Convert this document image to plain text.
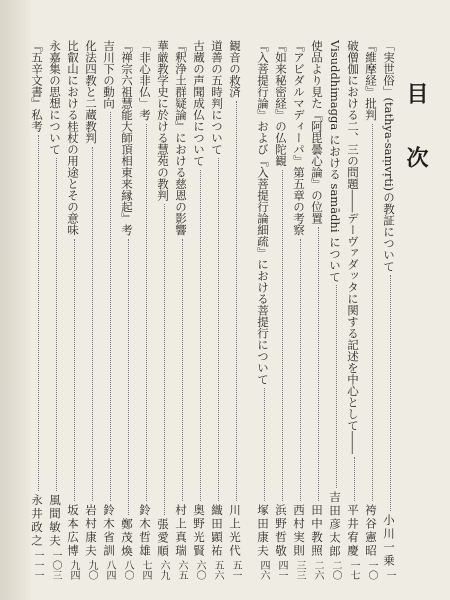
目　次
「実世俗」(tathya-saṃvṛti)の教証について
小川一乗
一
『維摩経』批判
袴谷憲昭
一〇
破僧伽における二、三の問題――デーヴァダッタに関する記述を中心として――
平井宥慶
一七
Visuddhimagga における samādhi について
吉田彦太郎
二〇
使品より見た『阿毘曇心論』の位置
田中教照
二六
『アビダルマディーパ』第五章の考察
西村実則
三三
『如来秘密経』の仏陀観
浜野哲敬
四一
『入菩提行論』および『入菩提行論細疏』における菩提行について
塚田康夫
四六
観音の救済
川上光代
五一
道善の五時判について
織田顕祐
五六
古蔵の声聞成仏について
奥野光賢
六〇
『釈浄土群疑論』における慈恩の影響
村上真瑞
六五
華厳教学史に於ける慧苑の教判
張愛順
六九
「非心非仏」考
鈴木哲雄
七四
『禅宗六祖慧能大師頂相東来縁起』考
鄭茂煥
八〇
吉川下の動向
鈴木省訓
八四
化法四教と二蔵教判
岩村康夫
九〇
比叡山における桂杖の用途とその意味
坂本広博
九四
永嘉集の思想について
風間敏夫
一〇三
『五辛文書』私考
永井政之
一一一
